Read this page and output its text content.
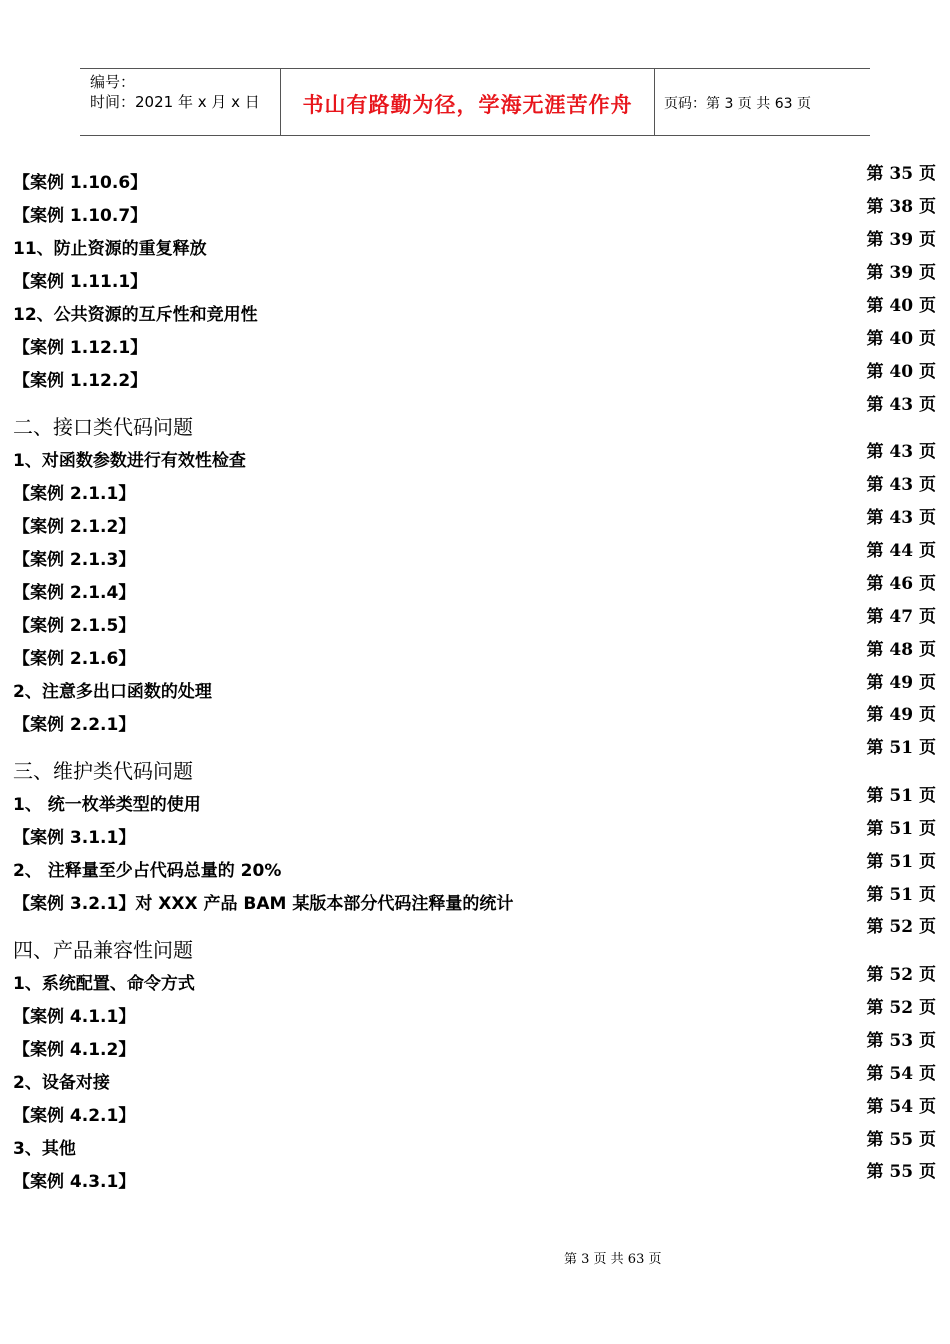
编号：
时间：2021 年 x 月 x 日	书山有路勤为径，学海无涯苦作舟	页码：第 3 页 共 63 页
【案例 1.10.6】
【案例 1.10.7】
11、防止资源的重复释放
【案例 1.11.1】
12、公共资源的互斥性和竞用性
【案例 1.12.1】
【案例 1.12.2】
二、接口类代码问题
1、对函数参数进行有效性检查
【案例 2.1.1】
【案例 2.1.2】
【案例 2.1.3】
【案例 2.1.4】
【案例 2.1.5】
【案例 2.1.6】
2、注意多出口函数的处理
【案例 2.2.1】
三、维护类代码问题
1、 统一枚举类型的使用
【案例 3.1.1】
2、 注释量至少占代码总量的 20%
【案例 3.2.1】对 XXX 产品 BAM 某版本部分代码注释量的统计
四、产品兼容性问题
1、系统配置、命令方式
【案例 4.1.1】
【案例 4.1.2】
2、设备对接
【案例 4.2.1】
3、其他
【案例 4.3.1】
第 35 页
第 38 页
第 39 页
第 39 页
第 40 页
第 40 页
第 40 页
第 43 页
第 43 页
第 43 页
第 43 页
第 44 页
第 46 页
第 47 页
第 48 页
第 49 页
第 49 页
第 51 页
第 51 页
第 51 页
第 51 页
第 51 页
第 52 页
第 52 页
第 52 页
第 53 页
第 54 页
第 54 页
第 55 页
第 55 页
第 3 页 共 63 页
